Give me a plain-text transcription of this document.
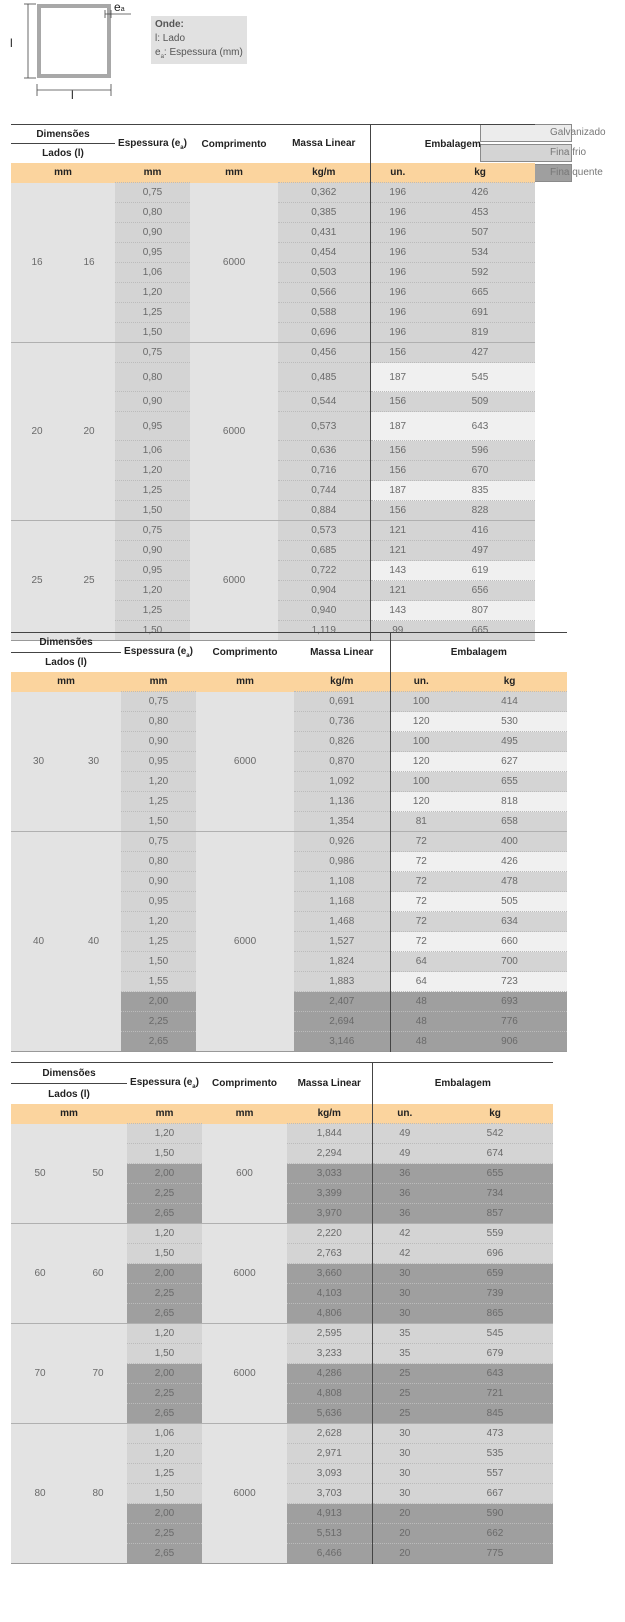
ea
l
l
Onde:
l: Lado
$e_a$: Espessura (mm)
Galvanizado
Fina frio
Fina quente
Dimensões		Espessura $(e_a)$	Comprimento	Massa Linear	Embalagem	
Lados (l)						
mm		mm	mm	kg/m	un.	kg
16	16	0,75	6000	0,362	196	426
		0,80		0,385	196	453
		0,90		0,431	196	507
		0,95		0,454	196	534
		1,06		0,503	196	592
		1,20		0,566	196	665
		1,25		0,588	196	691
		1,50		0,696	196	819
20	20	0,75	6000	0,456	156	427
		0,80		0,485	187	545
		0,90		0,544	156	509
		0,95		0,573	187	643
		1,06		0,636	156	596
		1,20		0,716	156	670
		1,25		0,744	187	835
		1,50		0,884	156	828
25	25	0,75	6000	0,573	121	416
		0,90		0,685	121	497
		0,95		0,722	143	619
		1,20		0,904	121	656
		1,25		0,940	143	807
		1,50		1,119	99	665

Dimensões		Espessura $(e_a)$	Comprimento	Massa Linear	Embalagem	
Lados (l)						
mm		mm	mm	kg/m	un.	kg
30	30	0,75	6000	0,691	100	414
		0,80		0,736	120	530
		0,90		0,826	100	495
		0,95		0,870	120	627
		1,20		1,092	100	655
		1,25		1,136	120	818
		1,50		1,354	81	658
40	40	0,75	6000	0,926	72	400
		0,80		0,986	72	426
		0,90		1,108	72	478
		0,95		1,168	72	505
		1,20		1,468	72	634
		1,25		1,527	72	660
		1,50		1,824	64	700
		1,55		1,883	64	723
		2,00		2,407	48	693
		2,25		2,694	48	776
		2,65		3,146	48	906

Dimensões		Espessura $(e_a)$	Comprimento	Massa Linear	Embalagem	
Lados (l)						
mm		mm	mm	kg/m	un.	kg
50	50	1,20	600	1,844	49	542
		1,50		2,294	49	674
		2,00		3,033	36	655
		2,25		3,399	36	734
		2,65		3,970	36	857
60	60	1,20	6000	2,220	42	559
		1,50		2,763	42	696
		2,00		3,660	30	659
		2,25		4,103	30	739
		2,65		4,806	30	865
70	70	1,20	6000	2,595	35	545
		1,50		3,233	35	679
		2,00		4,286	25	643
		2,25		4,808	25	721
		2,65		5,636	25	845
80	80	1,06	6000	2,628	30	473
		1,20		2,971	30	535
		1,25		3,093	30	557
		1,50		3,703	30	667
		2,00		4,913	20	590
		2,25		5,513	20	662
		2,65		6,466	20	775
